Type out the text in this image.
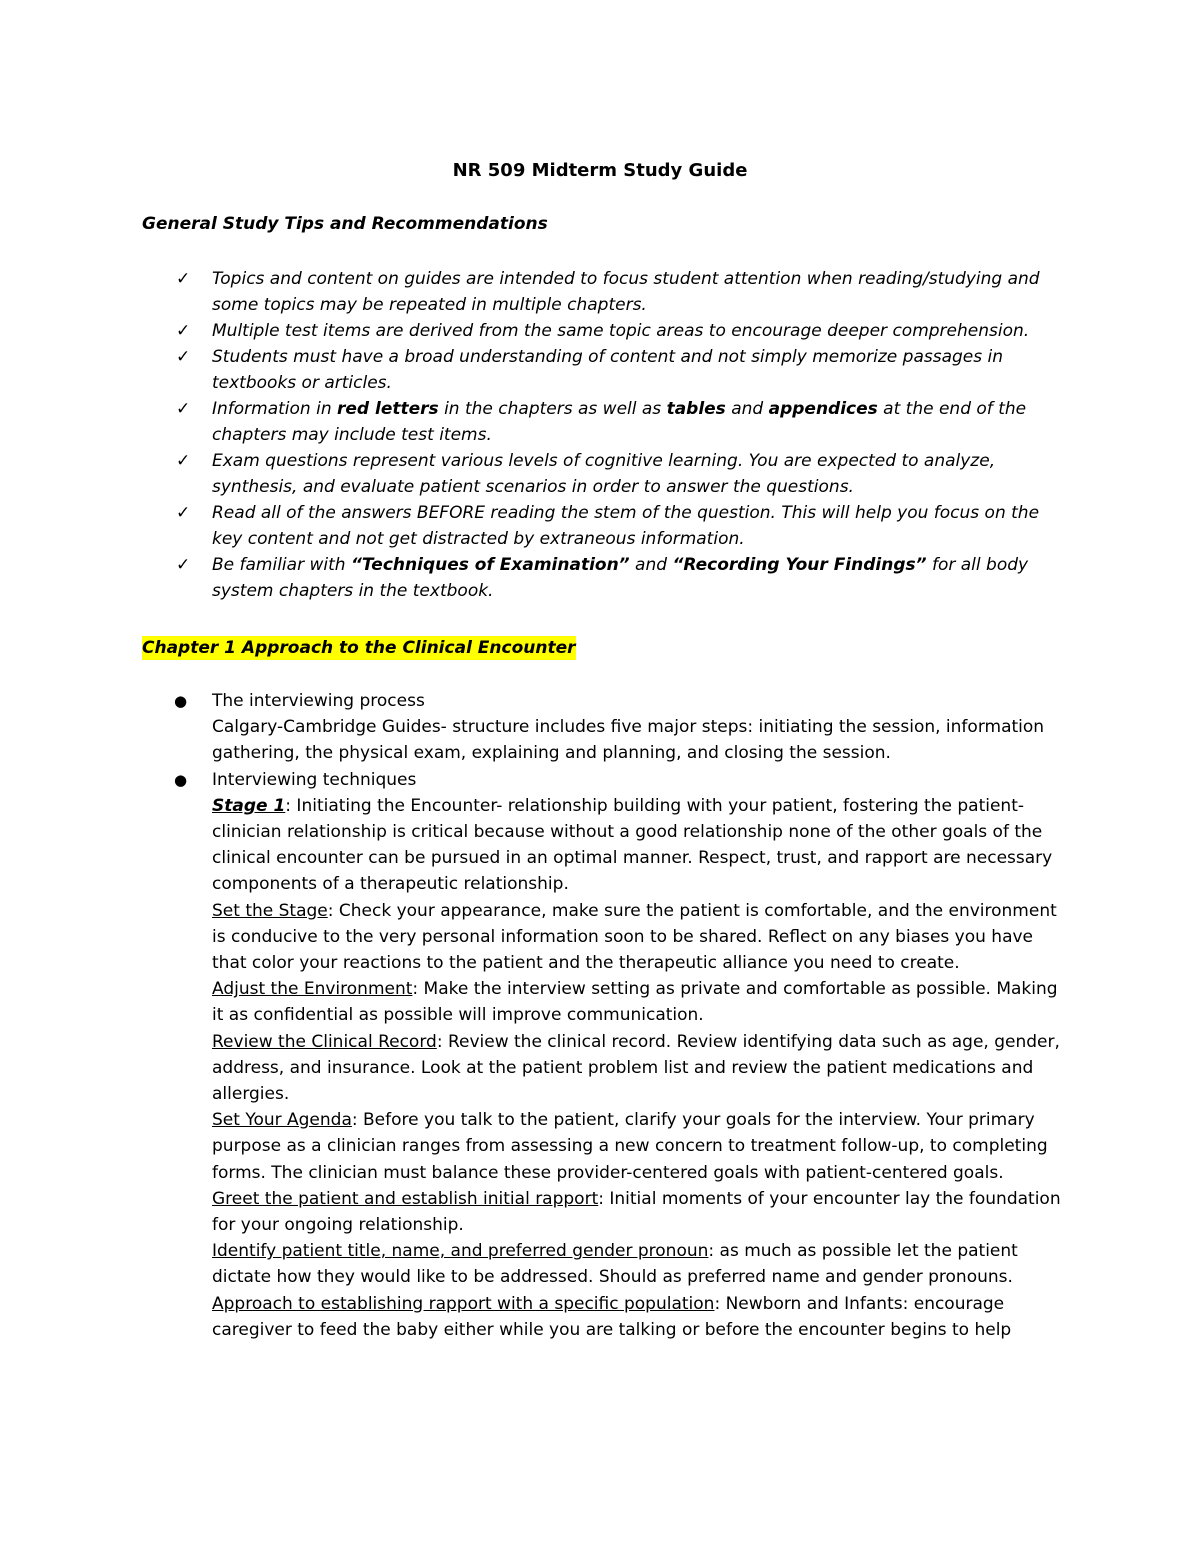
NR 509 Midterm Study Guide
General Study Tips and Recommendations
✓ Topics and content on guides are intended to focus student attention when reading/studying and some topics may be repeated in multiple chapters.
✓ Multiple test items are derived from the same topic areas to encourage deeper comprehension.
✓ Students must have a broad understanding of content and not simply memorize passages in textbooks or articles.
✓ Information in red letters in the chapters as well as tables and appendices at the end of the chapters may include test items.
✓ Exam questions represent various levels of cognitive learning. You are expected to analyze, synthesis, and evaluate patient scenarios in order to answer the questions.
✓ Read all of the answers BEFORE reading the stem of the question. This will help you focus on the key content and not get distracted by extraneous information.
✓ Be familiar with “Techniques of Examination” and “Recording Your Findings” for all body system chapters in the textbook.
Chapter 1 Approach to the Clinical Encounter
● The interviewing process
Calgary-Cambridge Guides- structure includes five major steps: initiating the session, information gathering, the physical exam, explaining and planning, and closing the session.
● Interviewing techniques
Stage 1: Initiating the Encounter- relationship building with your patient, fostering the patient-clinician relationship is critical because without a good relationship none of the other goals of the clinical encounter can be pursued in an optimal manner. Respect, trust, and rapport are necessary components of a therapeutic relationship.
Set the Stage: Check your appearance, make sure the patient is comfortable, and the environment is conducive to the very personal information soon to be shared. Reflect on any biases you have that color your reactions to the patient and the therapeutic alliance you need to create.
Adjust the Environment: Make the interview setting as private and comfortable as possible. Making it as confidential as possible will improve communication.
Review the Clinical Record: Review the clinical record. Review identifying data such as age, gender, address, and insurance. Look at the patient problem list and review the patient medications and allergies.
Set Your Agenda: Before you talk to the patient, clarify your goals for the interview. Your primary purpose as a clinician ranges from assessing a new concern to treatment follow-up, to completing forms. The clinician must balance these provider-centered goals with patient-centered goals.
Greet the patient and establish initial rapport: Initial moments of your encounter lay the foundation for your ongoing relationship.
Identify patient title, name, and preferred gender pronoun: as much as possible let the patient dictate how they would like to be addressed. Should as preferred name and gender pronouns.
Approach to establishing rapport with a specific population: Newborn and Infants: encourage caregiver to feed the baby either while you are talking or before the encounter begins to help
